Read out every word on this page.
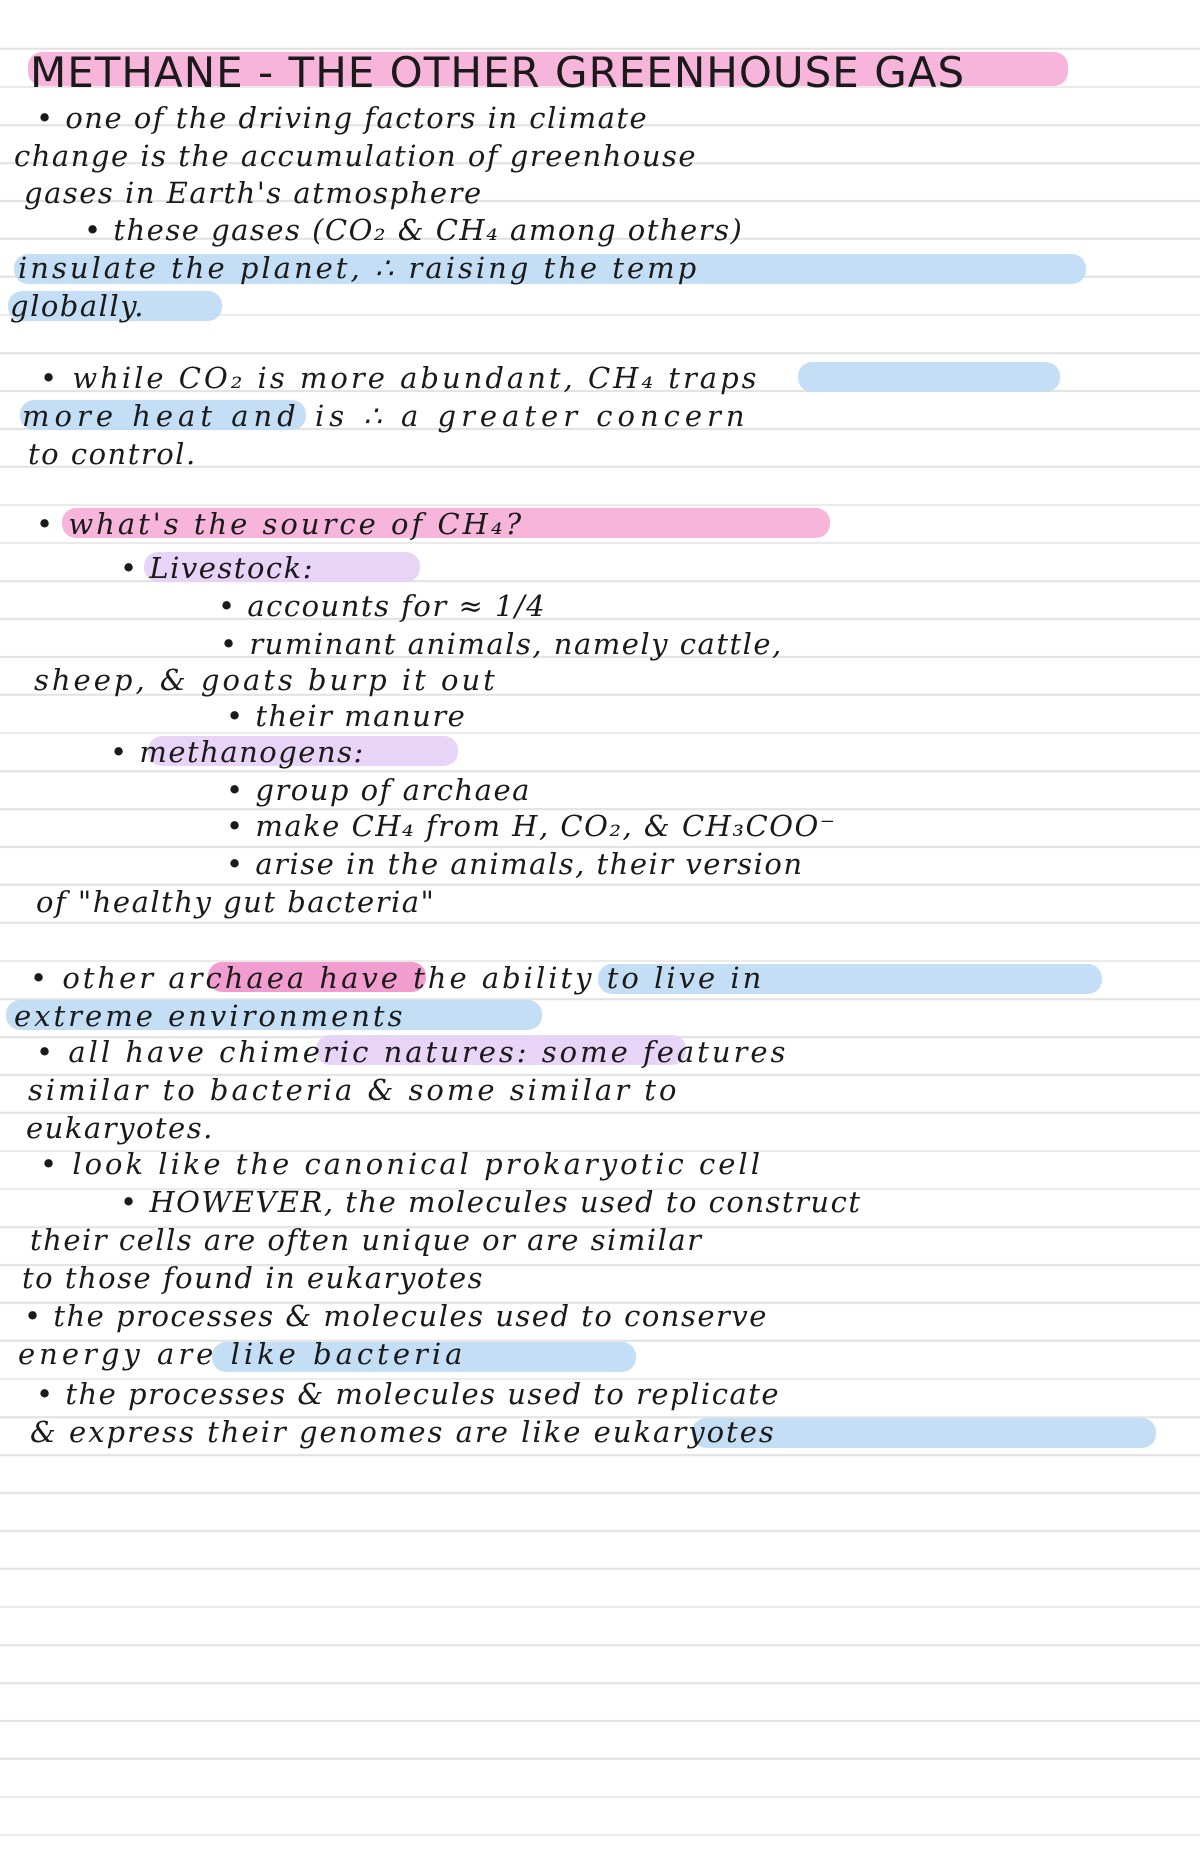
METHANE - THE OTHER GREENHOUSE GAS
• one of the driving factors in climate
change is the accumulation of greenhouse
gases in Earth's atmosphere
• these gases (CO₂ & CH₄ among others)
insulate the planet, ∴ raising the temp
globally.
• while CO₂ is more abundant, CH₄ traps
more heat and is ∴ a greater concern
to control.
• what's the source of CH₄?
• Livestock:
• accounts for ≈ 1/4
• ruminant animals, namely cattle,
sheep, & goats burp it out
• their manure
• methanogens:
• group of archaea
• make CH₄ from H, CO₂, & CH₃COO⁻
• arise in the animals, their version
of "healthy gut bacteria"
• other archaea have the ability to live in
extreme environments
• all have chimeric natures: some features
similar to bacteria & some similar to
eukaryotes.
• look like the canonical prokaryotic cell
• HOWEVER, the molecules used to construct
their cells are often unique or are similar
to those found in eukaryotes
• the processes & molecules used to conserve
energy are like bacteria
• the processes & molecules used to replicate
& express their genomes are like eukaryotes
